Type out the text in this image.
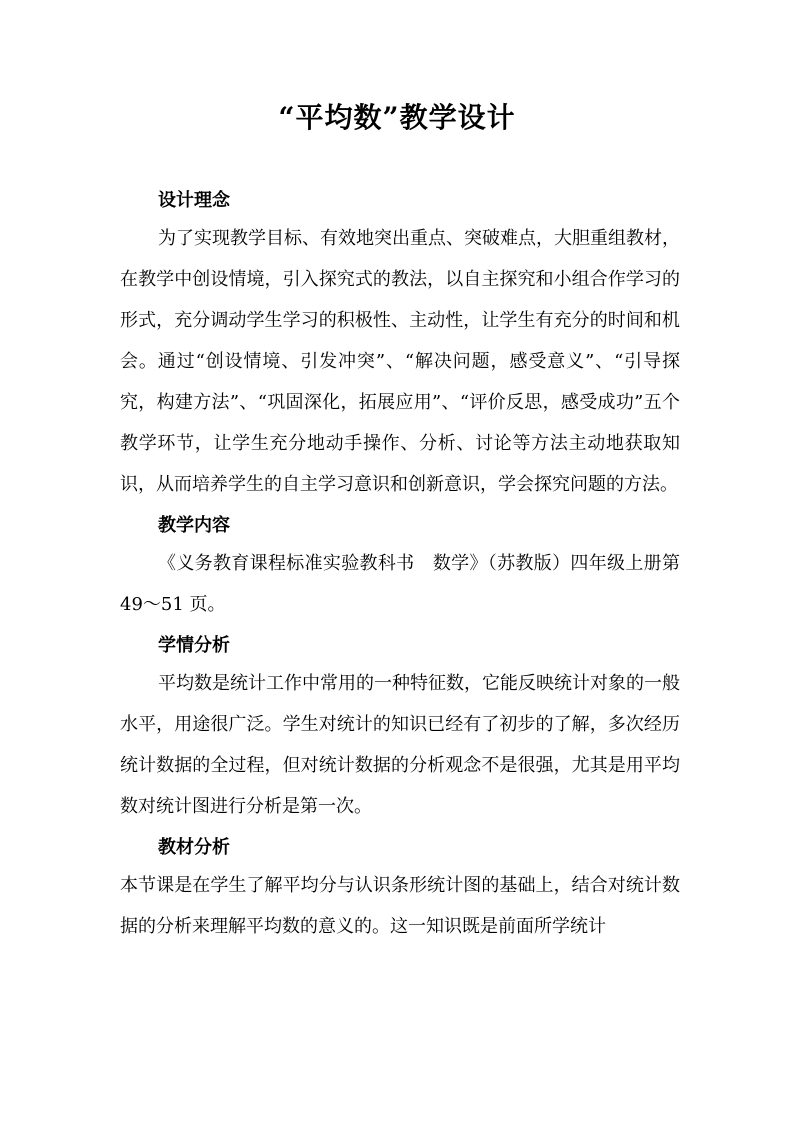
“平均数”教学设计
设计理念

为了实现教学目标、有效地突出重点、突破难点，大胆重组教材，在教学中创设情境，引入探究式的教法，以自主探究和小组合作学习的形式，充分调动学生学习的积极性、主动性，让学生有充分的时间和机会。通过“创设情境、引发冲突”、“解决问题，感受意义”、“引导探究，构建方法”、“巩固深化，拓展应用”、“评价反思，感受成功”五个教学环节，让学生充分地动手操作、分析、讨论等方法主动地获取知识，从而培养学生的自主学习意识和创新意识，学会探究问题的方法。

教学内容

《义务教育课程标准实验教科书　数学》（苏教版）四年级上册第 49～51 页。

学情分析

平均数是统计工作中常用的一种特征数，它能反映统计对象的一般水平，用途很广泛。学生对统计的知识已经有了初步的了解，多次经历统计数据的全过程，但对统计数据的分析观念不是很强，尤其是用平均数对统计图进行分析是第一次。

教材分析

本节课是在学生了解平均分与认识条形统计图的基础上，结合对统计数据的分析来理解平均数的意义的。这一知识既是前面所学统计
